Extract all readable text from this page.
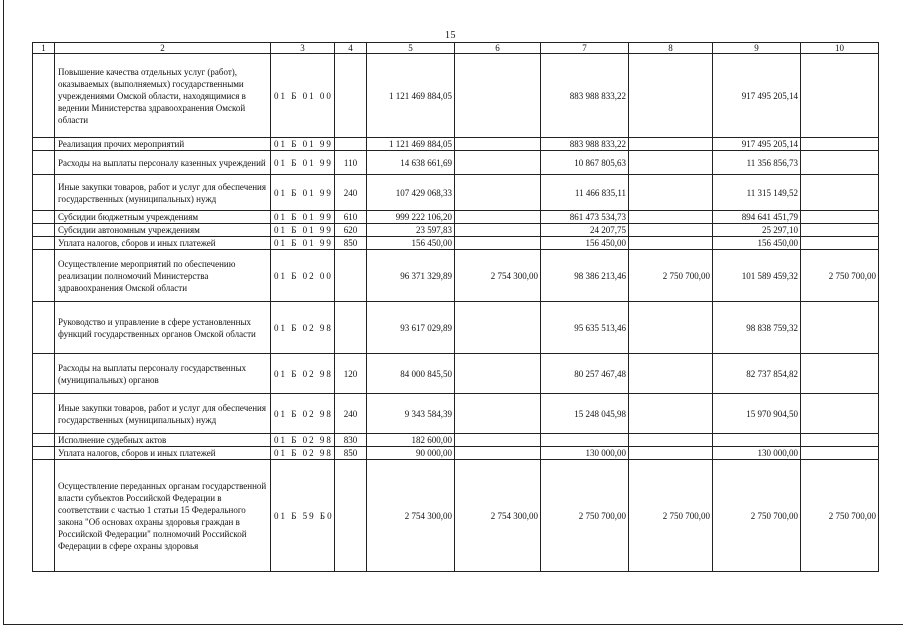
15
1	2	3	4	5	6	7	8	9	10
	Повышение качества отдельных услуг (работ), оказываемых (выполняемых) государственными учреждениями Омской области, находящимися в ведении Министерства здравоохранения Омской области	01 Б 01 00		1 121 469 884,05		883 988 833,22		917 495 205,14	
	Реализация прочих мероприятий	01 Б 01 99		1 121 469 884,05		883 988 833,22		917 495 205,14	
	Расходы на выплаты персоналу казенных учреждений	01 Б 01 99	110	14 638 661,69		10 867 805,63		11 356 856,73	
	Иные закупки товаров, работ и услуг для обеспечения государственных (муниципальных) нужд	01 Б 01 99	240	107 429 068,33		11 466 835,11		11 315 149,52	
	Субсидии бюджетным учреждениям	01 Б 01 99	610	999 222 106,20		861 473 534,73		894 641 451,79	
	Субсидии автономным учреждениям	01 Б 01 99	620	23 597,83		24 207,75		25 297,10	
	Уплата налогов, сборов и иных платежей	01 Б 01 99	850	156 450,00		156 450,00		156 450,00	
	Осуществление мероприятий по обеспечению реализации полномочий Министерства здравоохранения Омской области	01 Б 02 00		96 371 329,89	2 754 300,00	98 386 213,46	2 750 700,00	101 589 459,32	2 750 700,00
	Руководство и управление в сфере установленных функций государственных органов Омской области	01 Б 02 98		93 617 029,89		95 635 513,46		98 838 759,32	
	Расходы на выплаты персоналу государственных (муниципальных) органов	01 Б 02 98	120	84 000 845,50		80 257 467,48		82 737 854,82	
	Иные закупки товаров, работ и услуг для обеспечения государственных (муниципальных) нужд	01 Б 02 98	240	9 343 584,39		15 248 045,98		15 970 904,50	
	Исполнение судебных актов	01 Б 02 98	830	182 600,00					
	Уплата налогов, сборов и иных платежей	01 Б 02 98	850	90 000,00		130 000,00		130 000,00	
	Осуществление переданных органам государственной власти субъектов Российской Федерации в соответствии с частью 1 статьи 15 Федерального закона "Об основах охраны здоровья граждан в Российской Федерации" полномочий Российской Федерации в сфере охраны здоровья	01 Б 59 Б0		2 754 300,00	2 754 300,00	2 750 700,00	2 750 700,00	2 750 700,00	2 750 700,00
